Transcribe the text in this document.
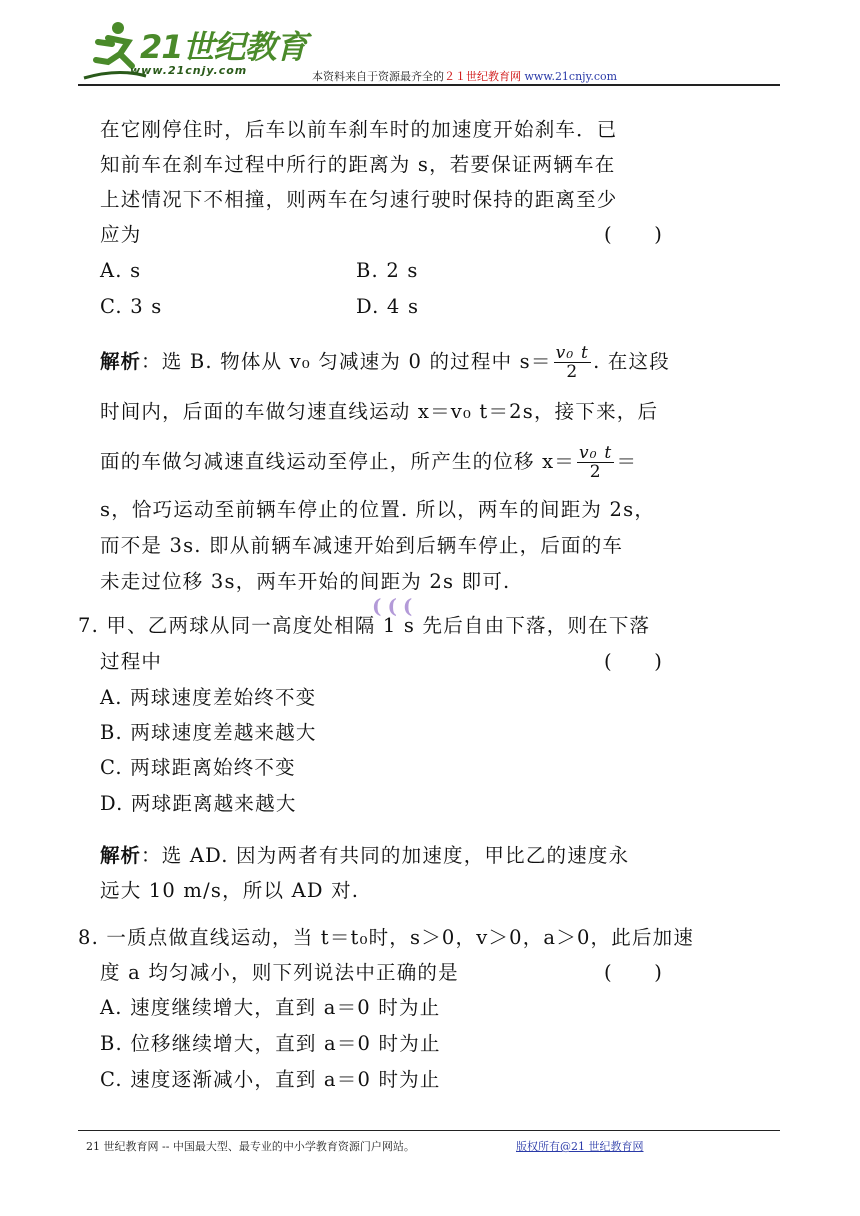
21世纪教育
www.21cnjy.com	本资料来自于资源最齐全的２１世纪教育网 www.21cnjy.com
在它刚停住时，后车以前车刹车时的加速度开始刹车．已
知前车在刹车过程中所行的距离为 s，若要保证两辆车在
上述情况下不相撞，则两车在匀速行驶时保持的距离至少
应为	(　　)
A. s	B. 2 s
C. 3 s	D. 4 s
解析：选 B. 物体从 v₀ 匀减速为 0 的过程中 $s= \frac{\text{v₀ t}}{2}$ . 在这段
时间内，后面的车做匀速直线运动 x＝v₀ t＝2s，接下来，后
面的车做匀减速直线运动至停止，所产生的位移 $x= \frac{\text{v₀ t}}{2}$ ＝
s，恰巧运动至前辆车停止的位置. 所以，两车的间距为 2s，
而不是 3s. 即从前辆车减速开始到后辆车停止，后面的车
未走过位移 3s，两车开始的间距为 2s 即可.
(((
7. 甲、乙两球从同一高度处相隔 1 s 先后自由下落，则在下落
过程中	(　　)
A. 两球速度差始终不变
B. 两球速度差越来越大
C. 两球距离始终不变
D. 两球距离越来越大
解析：选 AD. 因为两者有共同的加速度，甲比乙的速度永
远大 10 m/s，所以 AD 对.
8. 一质点做直线运动，当 t＝t₀时，s＞0，v＞0，a＞0，此后加速
度 a 均匀减小，则下列说法中正确的是	(　　)
A. 速度继续增大，直到 a＝0 时为止
B. 位移继续增大，直到 a＝0 时为止
C. 速度逐渐减小，直到 a＝0 时为止
21 世纪教育网 -- 中国最大型、最专业的中小学教育资源门户网站。	版权所有@21 世纪教育网
